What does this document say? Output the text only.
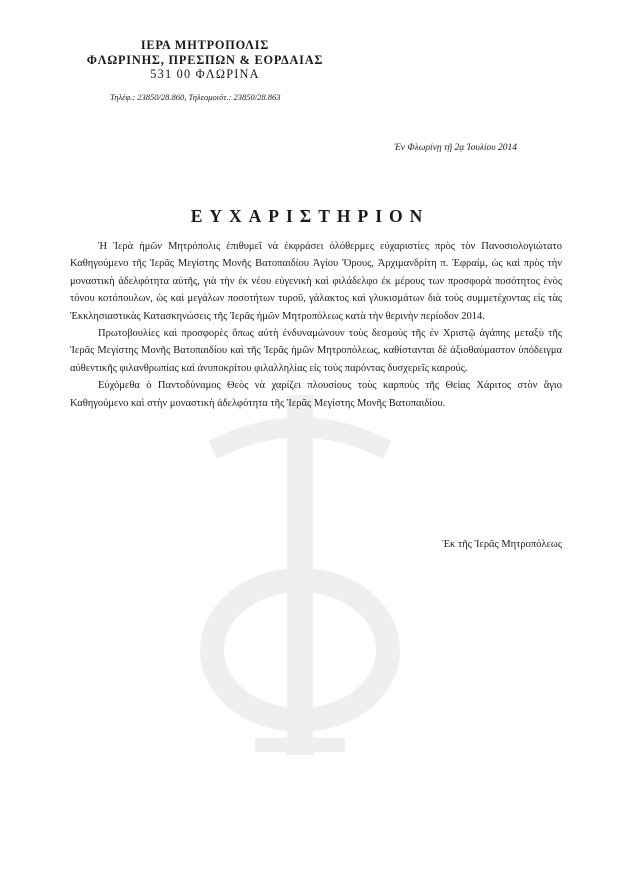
ΙΕΡΑ ΜΗΤΡΟΠΟΛΙΣ
ΦΛΩΡΙΝΗΣ, ΠΡΕΣΠΩΝ & ΕΟΡΔΑΙΑΣ
531 00 ΦΛΩΡΙΝΑ
Τηλέφ.: 23850/28.860, Τηλεομοιότ.: 23850/28.863
Ἐν Φλωρίνῃ τῇ 2ᾳ Ἰουλίου 2014
ΕΥΧΑΡΙΣΤΗΡΙΟΝ

Ἡ Ἱερὰ ἡμῶν Μητρόπολις ἐπιθυμεῖ νὰ ἐκφράσει ὁλόθερμες εὐχαριστίες πρὸς τὸν Πανοσιολογιώτατο Καθηγούμενο τῆς Ἱερᾶς Μεγίστης Μονῆς Βατοπαιδίου Ἁγίου Ὄρους, Ἀρχιμανδρίτη π. Ἐφραίμ, ὡς καὶ πρὸς τὴν μοναστικὴ ἀδελφότητα αὐτῆς, γιὰ τὴν ἐκ νέου εὐγενικὴ καὶ φιλάδελφο ἐκ μέρους των προσφορὰ ποσότητος ἑνὸς τόνου κοτόπουλων, ὡς καὶ μεγάλων ποσοτήτων τυροῦ, γάλακτος καὶ γλυκισμάτων διὰ τοὺς συμμετέχοντας εἰς τὰς Ἐκκλησιαστικὰς Κατασκηνώσεις τῆς Ἱερᾶς ἡμῶν Μητροπόλεως κατὰ τὴν θερινὴν περίοδον 2014.

Πρωτοβουλίες καὶ προσφορὲς ὅπως αὐτὴ ἐνδυναμώνουν τοὺς δεσμοὺς τῆς ἐν Χριστῷ ἀγάπης μεταξὺ τῆς Ἱερᾶς Μεγίστης Μονῆς Βατοπαιδίου καὶ τῆς Ἱερᾶς ἡμῶν Μητροπόλεως, καθίστανται δὲ ἀξιοθαύμαστον ὑπόδειγμα αὐθεντικῆς φιλανθρωπίας καὶ ἀνυποκρίτου φιλαλληλίας εἰς τοὺς παρόντας δυσχερεῖς καιρούς.

Εὐχόμεθα ὁ Παντοδύναμος Θεὸς νὰ χαρίζει πλουσίους τοὺς καρποὺς τῆς Θείας Χάριτος στὸν ἅγιο Καθηγούμενο καὶ στὴν μοναστικὴ ἀδελφότητα τῆς Ἱερᾶς Μεγίστης Μονῆς Βατοπαιδίου.

Ἐκ τῆς Ἱερᾶς Μητροπόλεως
